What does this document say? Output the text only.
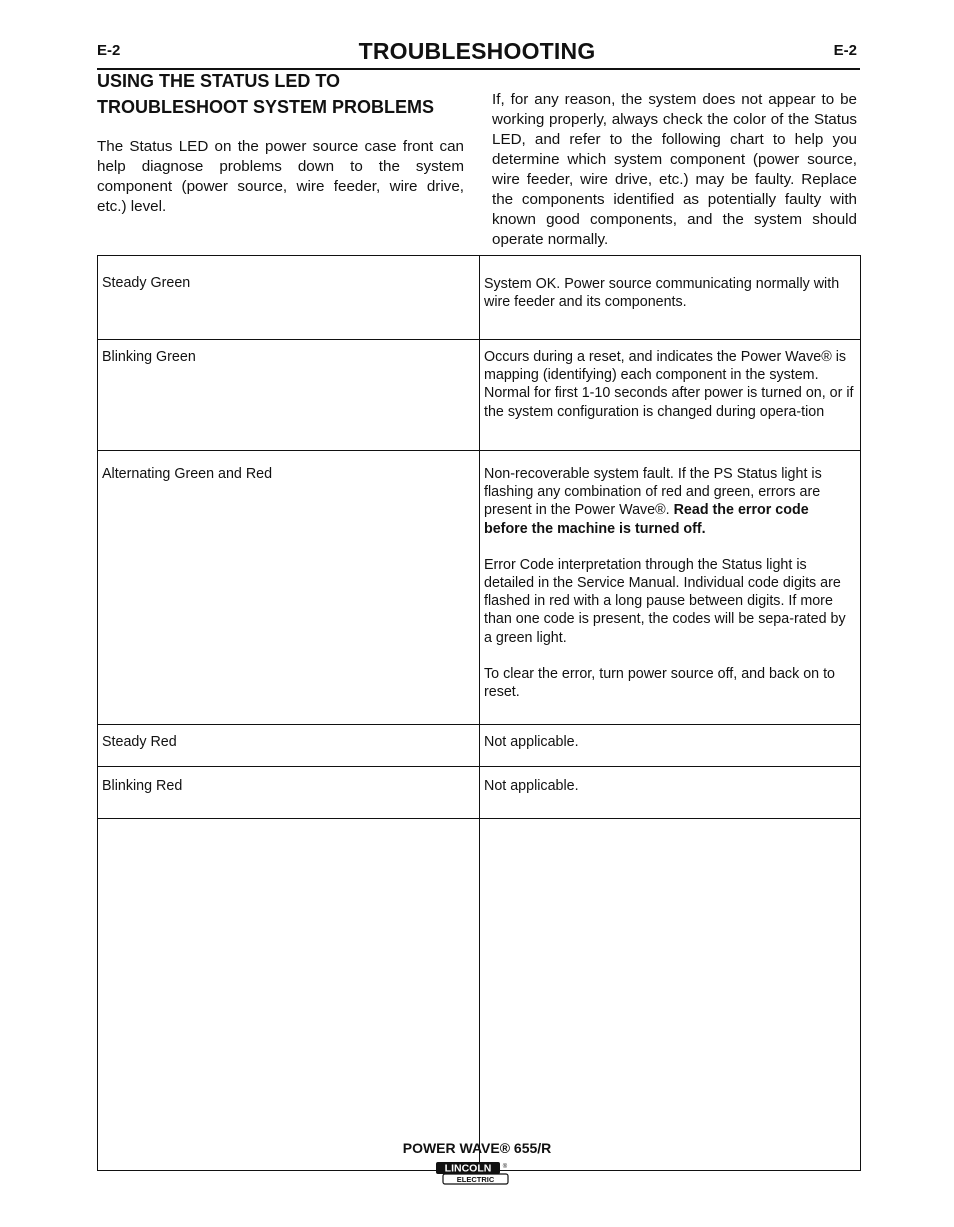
E-2	TROUBLESHOOTING	E-2
USING THE STATUS LED TO
TROUBLESHOOT SYSTEM PROBLEMS
The Status LED on the power source case front can help diagnose problems down to the system component (power source, wire feeder, wire drive, etc.) level.
If, for any reason, the system does not appear to be working properly, always check the color of the Status LED, and refer to the following chart to help you determine which system component (power source, wire feeder, wire drive, etc.) may be faulty. Replace the components identified as potentially faulty with known good components, and the system should operate normally.
Steady Green	System OK. Power source communicating normally with wire feeder and its components.
Blinking Green	Occurs during a reset, and indicates the Power Wave® is mapping (identifying) each component in the system. Normal for first 1-10 seconds after power is turned on, or if the system configuration is changed during opera-tion
Alternating Green and Red	Non-recoverable system fault. If the PS Status light is flashing any combination of red and green, errors are present in the Power Wave®. Read the error code before the machine is turned off.

Error Code interpretation through the Status light is detailed in the Service Manual. Individual code digits are flashed in red with a long pause between digits. If more than one code is present, the codes will be sepa-rated by a green light.

To clear the error, turn power source off, and back on to reset.

Steady Red	Not applicable.
Blinking Red	Not applicable.

POWER WAVE® 655/R
LINCOLN ®
ELECTRIC
